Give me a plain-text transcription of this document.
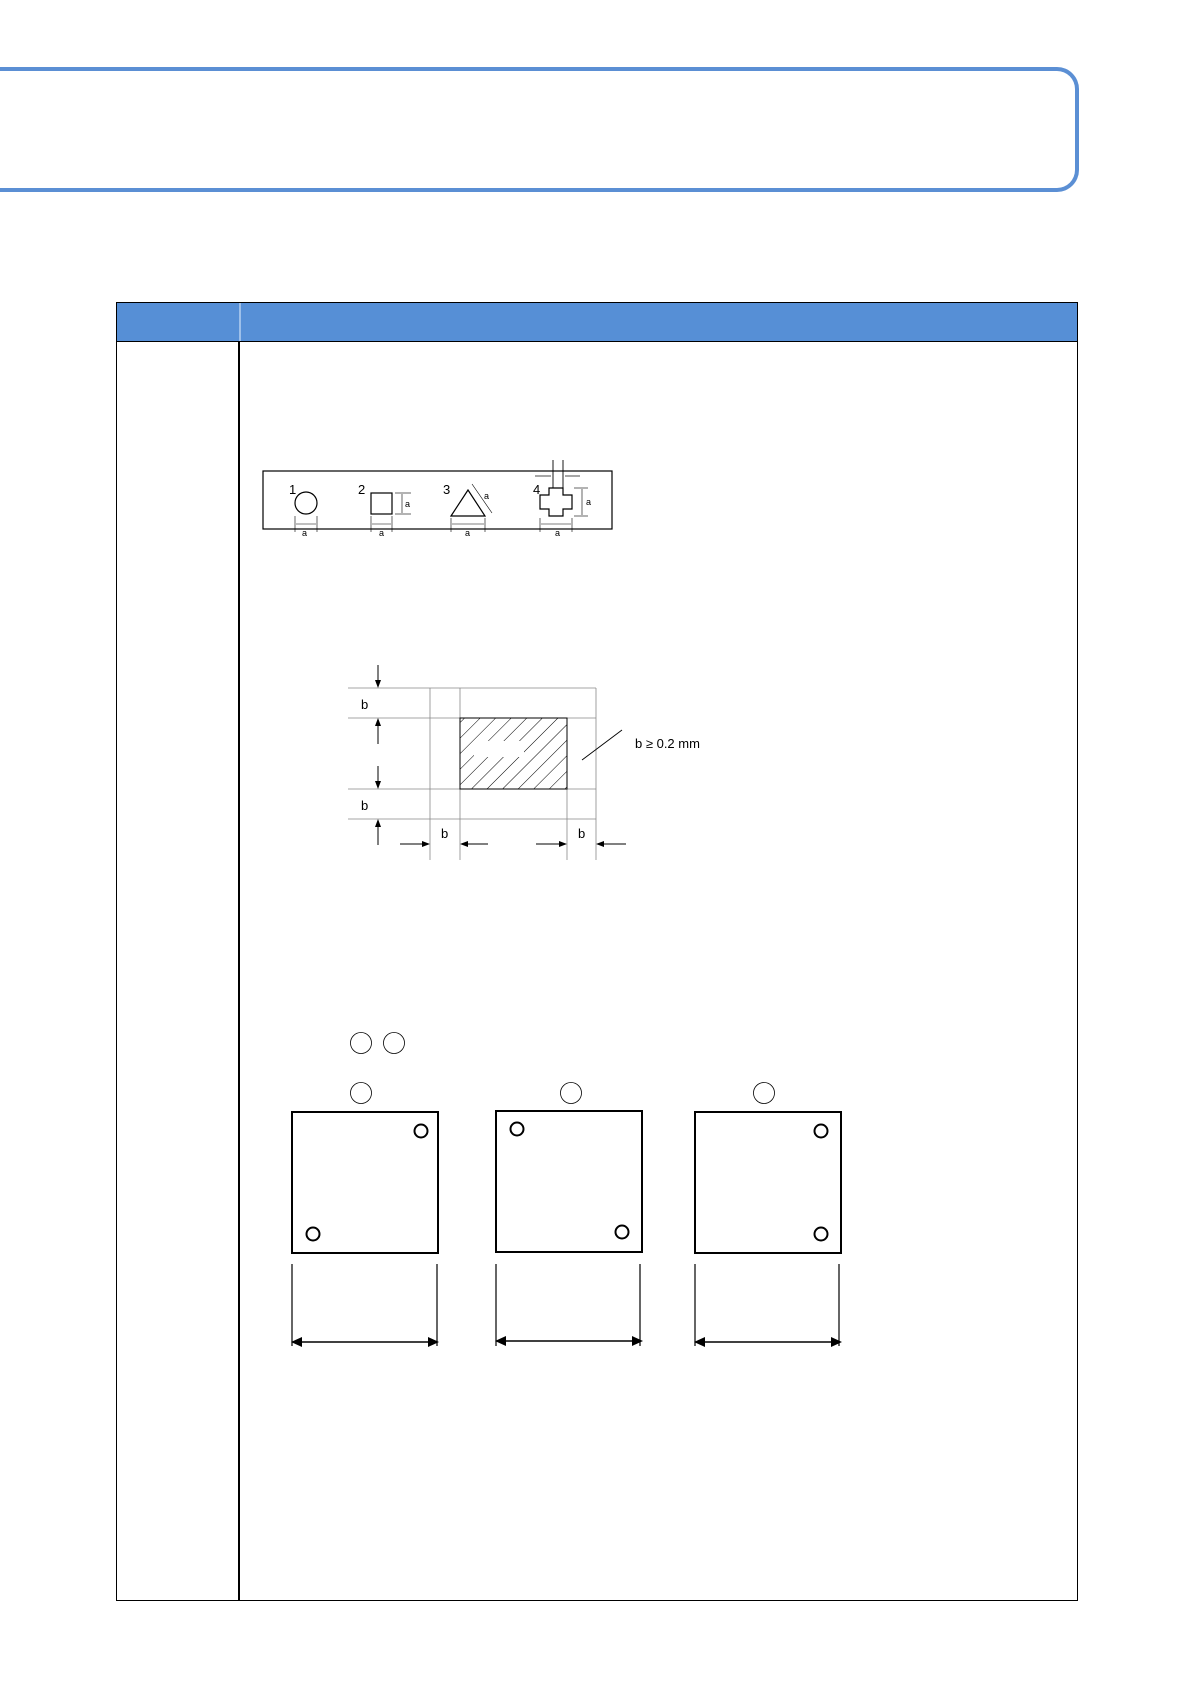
1	2	3	4
a	a
a
a
a
a
a
b
b
b	b
b ≥ 0.2 mm
